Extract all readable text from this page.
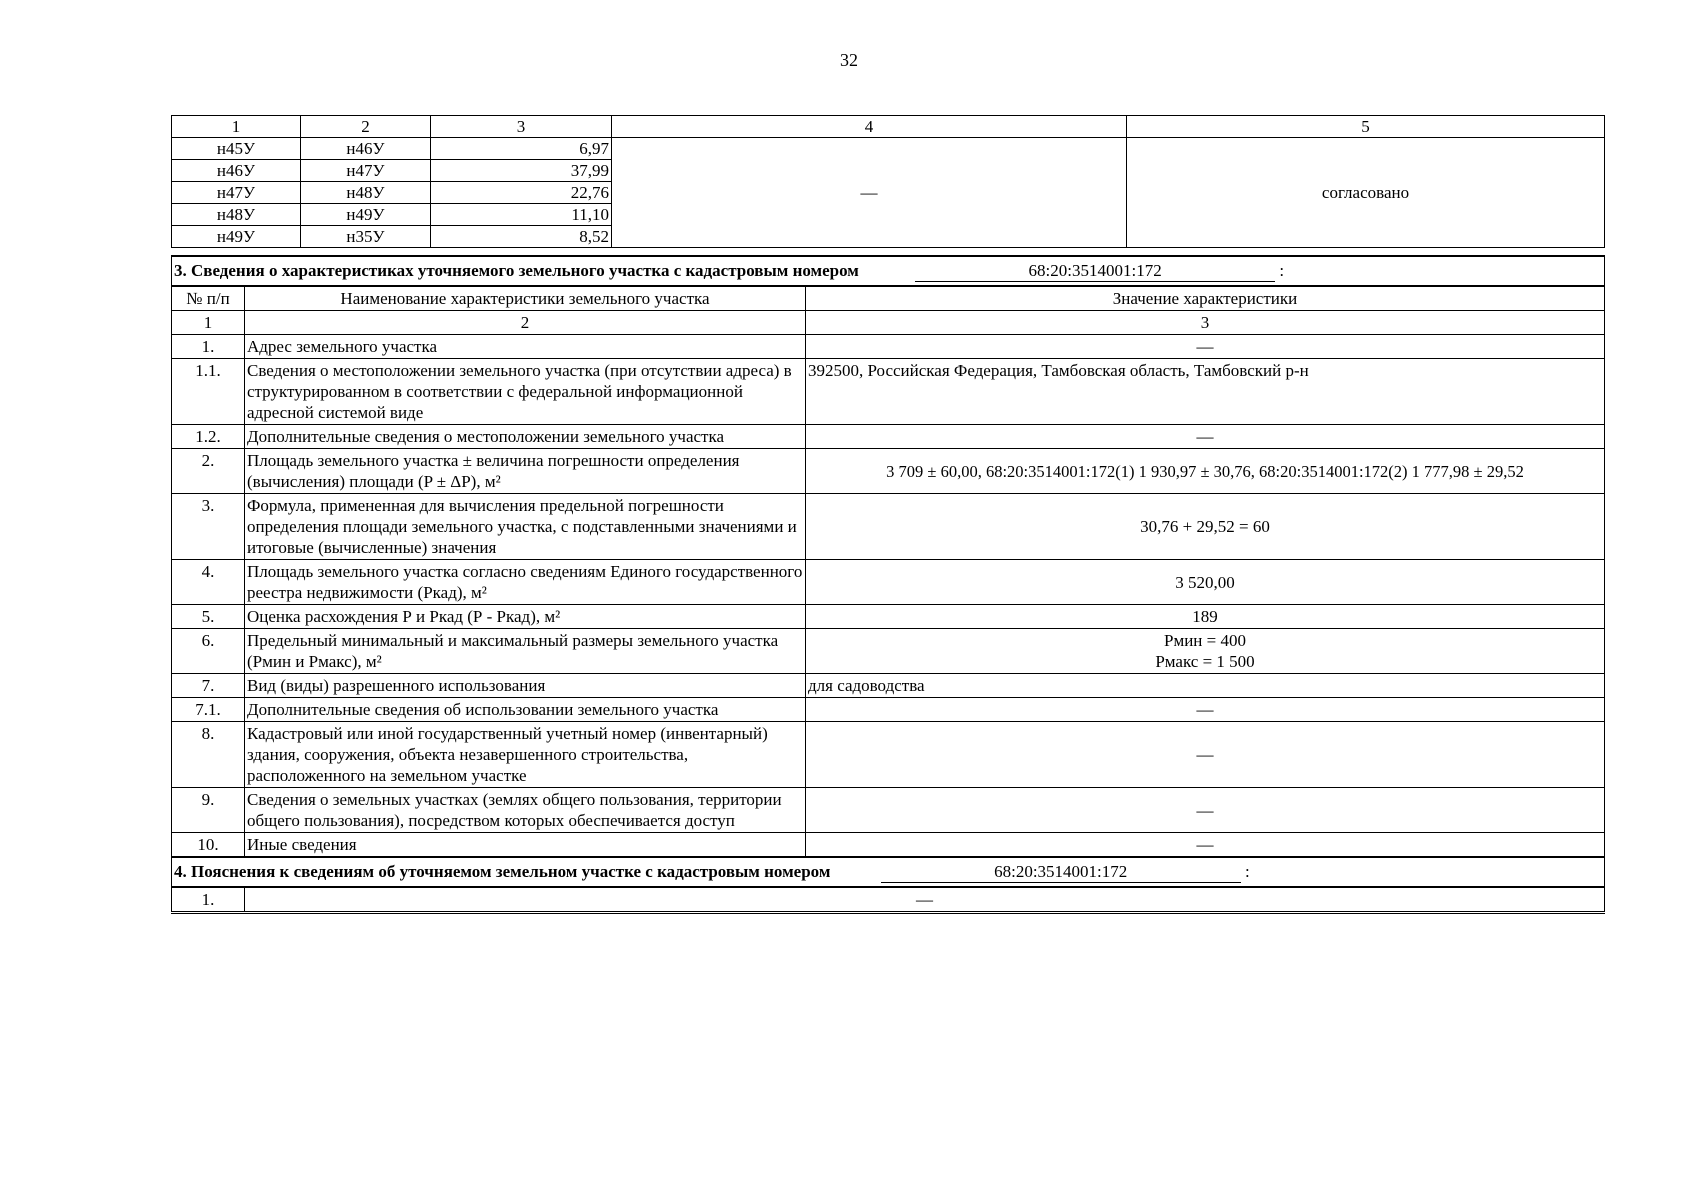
32
1	2	3	4	5
н45У	н46У	6,97	—	согласовано
н46У	н47У	37,99		
н47У	н48У	22,76		
н48У	н49У	11,10		
н49У	н35У	8,52		
3. Сведения о характеристиках уточняемого земельного участка с кадастровым номером 68:20:3514001:172 :		
№ п/п	Наименование характеристики земельного участка	Значение характеристики
1	2	3
1.	Адрес земельного участка	—
1.1.	Сведения о местоположении земельного участка (при отсутствии адреса) в структурированном в соответствии с федеральной информационной адресной системой виде	392500, Российская Федерация, Тамбовская область, Тамбовский р-н
1.2.	Дополнительные сведения о местоположении земельного участка	—
2.	Площадь земельного участка ± величина погрешности определения (вычисления) площади (P ± ΔP), м²	3 709 ± 60,00, 68:20:3514001:172(1) 1 930,97 ± 30,76, 68:20:3514001:172(2) 1 777,98 ± 29,52
3.	Формула, примененная для вычисления предельной погрешности определения площади земельного участка, с подставленными значениями и итоговые (вычисленные) значения	30,76 + 29,52 = 60
4.	Площадь земельного участка согласно сведениям Единого государственного реестра недвижимости (Ркад), м²	3 520,00
5.	Оценка расхождения Р и Ркад (Р - Ркад), м²	189
6.	Предельный минимальный и максимальный размеры земельного участка (Рмин и Рмакс), м²	Рмин = 400
Рмакс = 1 500

7.	Вид (виды) разрешенного использования	для садоводства
7.1.	Дополнительные сведения об использовании земельного участка	—
8.	Кадастровый или иной государственный учетный номер (инвентарный) здания, сооружения, объекта незавершенного строительства, расположенного на земельном участке	—
9.	Сведения о земельных участках (землях общего пользования, территории общего пользования), посредством которых обеспечивается доступ	—
10.	Иные сведения	—
4. Пояснения к сведениям об уточняемом земельном участке с кадастровым номером 68:20:3514001:172 :		
1.	—	
